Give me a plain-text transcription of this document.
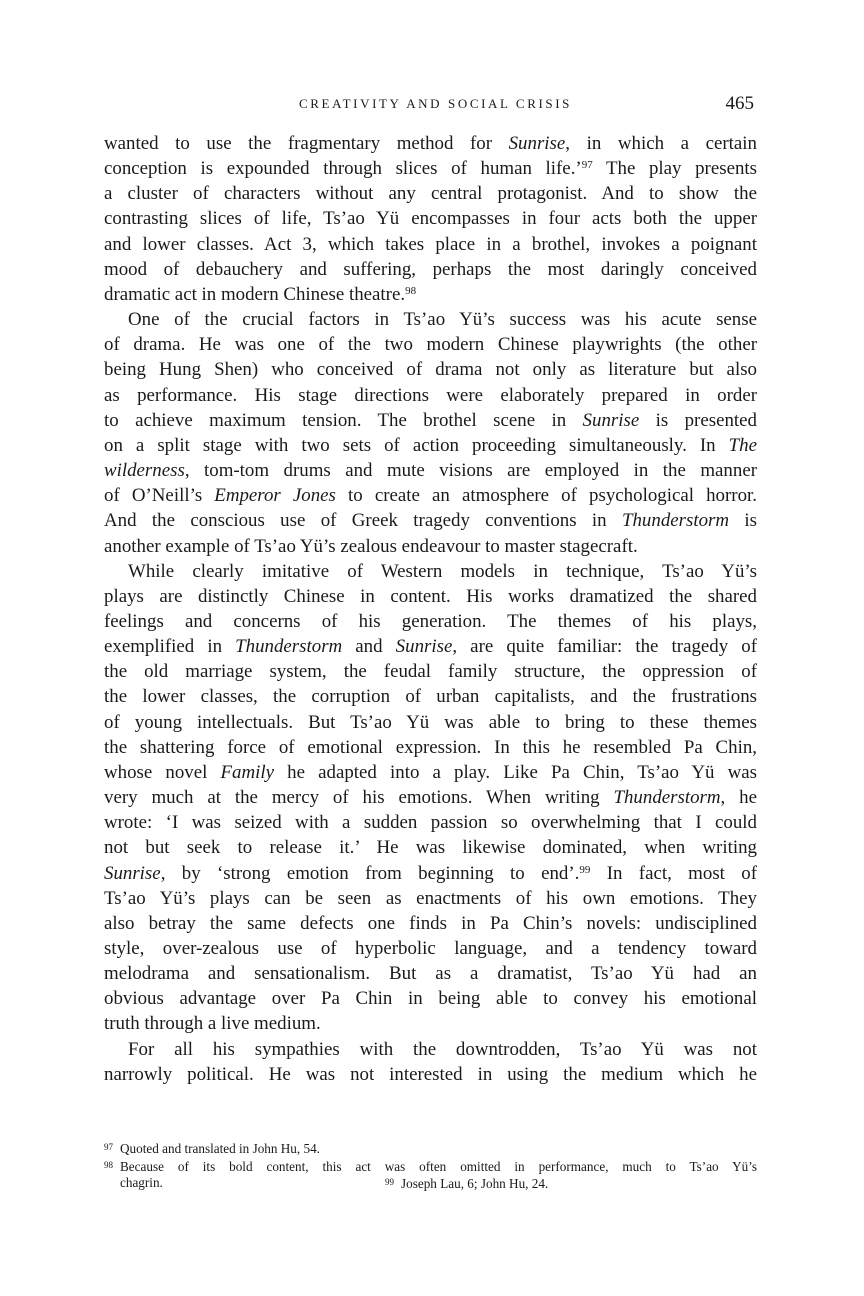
CREATIVITY AND SOCIAL CRISIS	465
wanted to use the fragmentary method for Sunrise, in which a certain
conception is expounded through slices of human life.’$^{97}$ The play presents
a cluster of characters without any central protagonist. And to show the
contrasting slices of life, Ts’ao Yü encompasses in four acts both the upper
and lower classes. Act 3, which takes place in a brothel, invokes a poignant
mood of debauchery and suffering, perhaps the most daringly conceived
dramatic act in modern Chinese theatre.$^{98}$
One of the crucial factors in Ts’ao Yü’s success was his acute sense
of drama. He was one of the two modern Chinese playwrights (the other
being Hung Shen) who conceived of drama not only as literature but also
as performance. His stage directions were elaborately prepared in order
to achieve maximum tension. The brothel scene in Sunrise is presented
on a split stage with two sets of action proceeding simultaneously. In The
wilderness, tom-tom drums and mute visions are employed in the manner
of O’Neill’s Emperor Jones to create an atmosphere of psychological horror.
And the conscious use of Greek tragedy conventions in Thunderstorm is
another example of Ts’ao Yü’s zealous endeavour to master stagecraft.
While clearly imitative of Western models in technique, Ts’ao Yü’s
plays are distinctly Chinese in content. His works dramatized the shared
feelings and concerns of his generation. The themes of his plays,
exemplified in Thunderstorm and Sunrise, are quite familiar: the tragedy of
the old marriage system, the feudal family structure, the oppression of
the lower classes, the corruption of urban capitalists, and the frustrations
of young intellectuals. But Ts’ao Yü was able to bring to these themes
the shattering force of emotional expression. In this he resembled Pa Chin,
whose novel Family he adapted into a play. Like Pa Chin, Ts’ao Yü was
very much at the mercy of his emotions. When writing Thunderstorm, he
wrote: ‘I was seized with a sudden passion so overwhelming that I could
not but seek to release it.’ He was likewise dominated, when writing
Sunrise, by ‘strong emotion from beginning to end’.$^{99}$ In fact, most of
Ts’ao Yü’s plays can be seen as enactments of his own emotions. They
also betray the same defects one finds in Pa Chin’s novels: undisciplined
style, over-zealous use of hyperbolic language, and a tendency toward
melodrama and sensationalism. But as a dramatist, Ts’ao Yü had an
obvious advantage over Pa Chin in being able to convey his emotional
truth through a live medium.
For all his sympathies with the downtrodden, Ts’ao Yü was not
narrowly political. He was not interested in using the medium which he
97 Quoted and translated in John Hu, 54.
98 Because of its bold content, this act was often omitted in performance, much to Ts’ao Yü’s
chagrin.	99 Joseph Lau, 6; John Hu, 24.
